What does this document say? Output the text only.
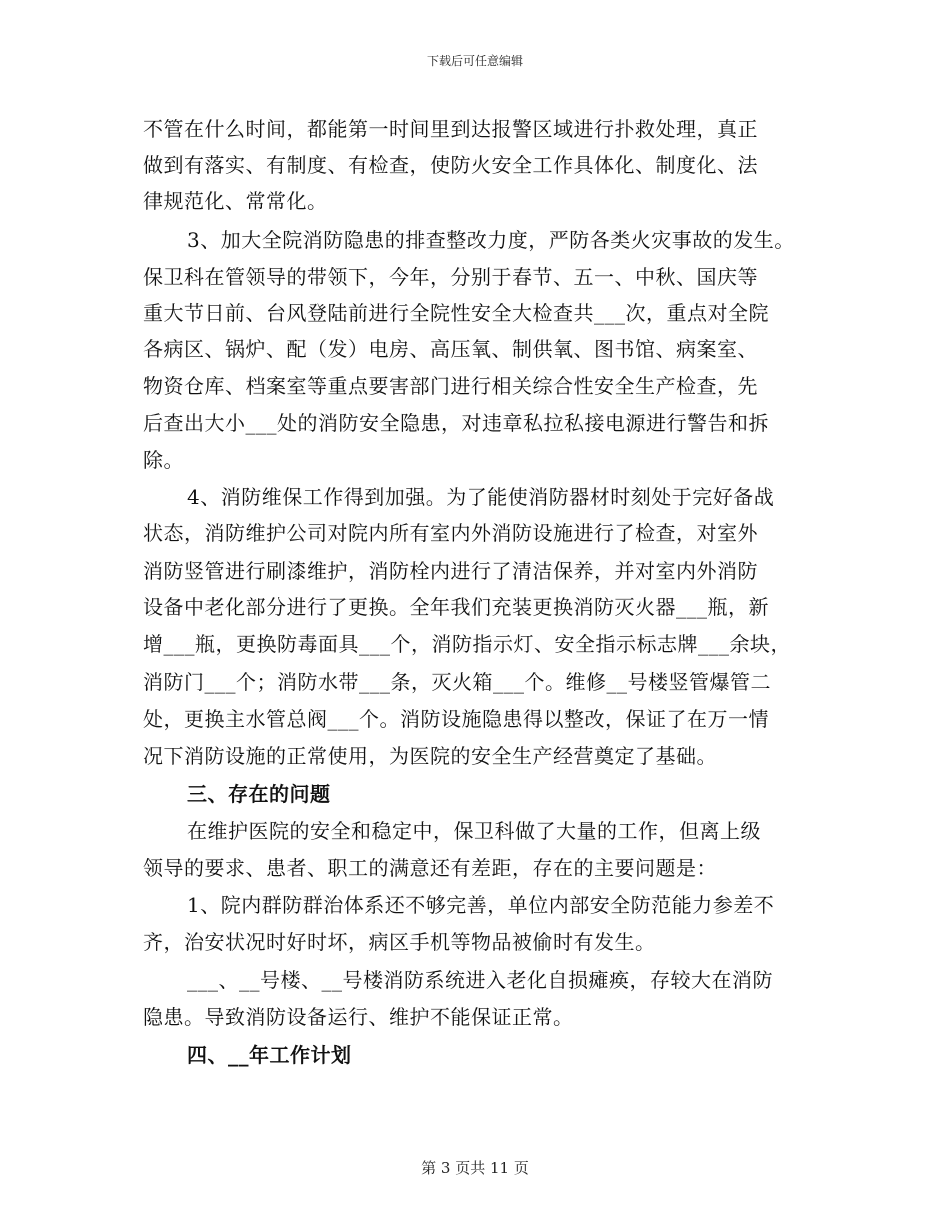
下载后可任意编辑
不管在什么时间，都能第一时间里到达报警区域进行扑救处理，真正
做到有落实、有制度、有检查，使防火安全工作具体化、制度化、法
律规范化、常常化。
3、加大全院消防隐患的排查整改力度，严防各类火灾事故的发生。
保卫科在管领导的带领下，今年，分别于春节、五一、中秋、国庆等
重大节日前、台风登陆前进行全院性安全大检查共___次，重点对全院
各病区、锅炉、配（发）电房、高压氧、制供氧、图书馆、病案室、
物资仓库、档案室等重点要害部门进行相关综合性安全生产检查，先
后查出大小___处的消防安全隐患，对违章私拉私接电源进行警告和拆
除。
4、消防维保工作得到加强。为了能使消防器材时刻处于完好备战
状态，消防维护公司对院内所有室内外消防设施进行了检查，对室外
消防竖管进行刷漆维护，消防栓内进行了清洁保养，并对室内外消防
设备中老化部分进行了更换。全年我们充装更换消防灭火器___瓶，新
增___瓶，更换防毒面具___个，消防指示灯、安全指示标志牌___余块，
消防门___个；消防水带___条，灭火箱___个。维修__号楼竖管爆管二
处，更换主水管总阀___个。消防设施隐患得以整改，保证了在万一情
况下消防设施的正常使用，为医院的安全生产经营奠定了基础。
三、存在的问题
在维护医院的安全和稳定中，保卫科做了大量的工作，但离上级
领导的要求、患者、职工的满意还有差距，存在的主要问题是：
1、院内群防群治体系还不够完善，单位内部安全防范能力参差不
齐，治安状况时好时坏，病区手机等物品被偷时有发生。
___、__号楼、__号楼消防系统进入老化自损瘫痪，存较大在消防
隐患。导致消防设备运行、维护不能保证正常。
四、__年工作计划
第 3 页共 11 页
